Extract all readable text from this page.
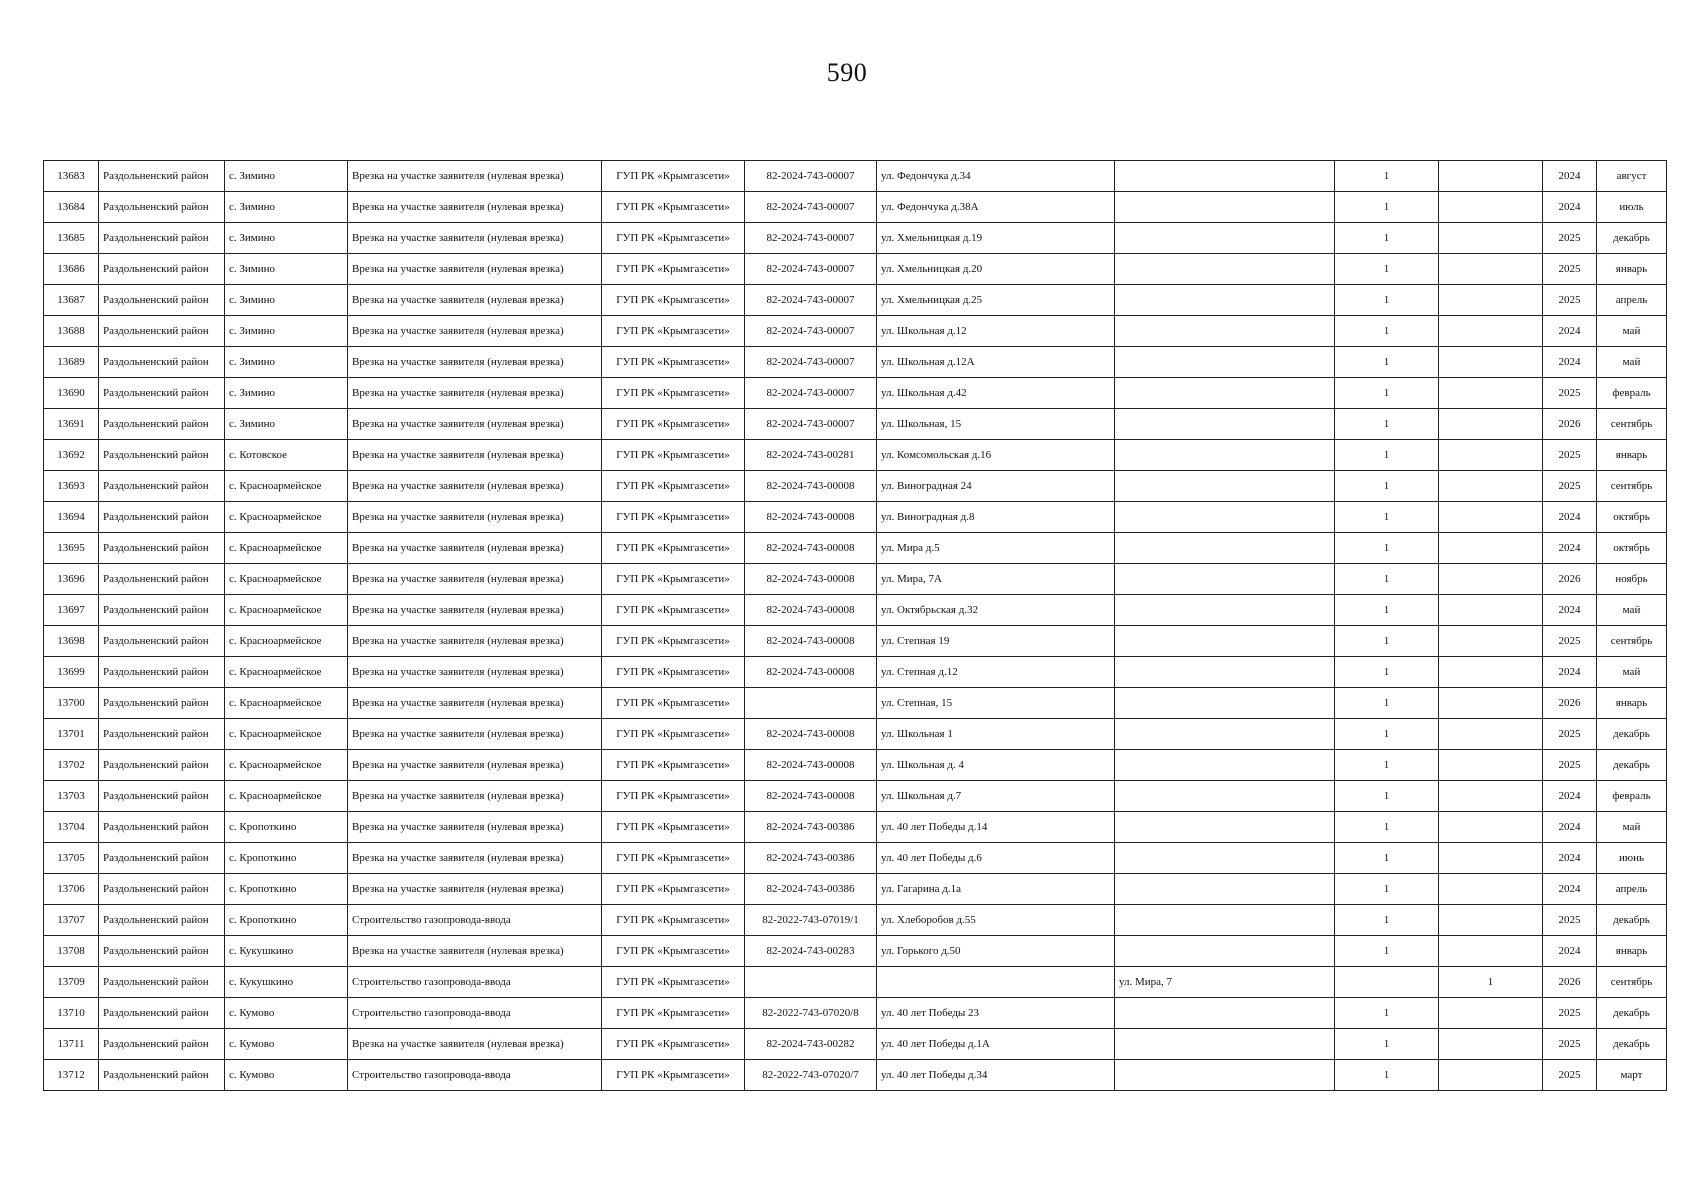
590
13683	Раздольненский район	с. Зимино	Врезка на участке заявителя (нулевая врезка)	ГУП РК «Крымгазсети»	82-2024-743-00007	ул. Федончука д.34		1		2024	август
13684	Раздольненский район	с. Зимино	Врезка на участке заявителя (нулевая врезка)	ГУП РК «Крымгазсети»	82-2024-743-00007	ул. Федончука д.38А		1		2024	июль
13685	Раздольненский район	с. Зимино	Врезка на участке заявителя (нулевая врезка)	ГУП РК «Крымгазсети»	82-2024-743-00007	ул. Хмельницкая д.19		1		2025	декабрь
13686	Раздольненский район	с. Зимино	Врезка на участке заявителя (нулевая врезка)	ГУП РК «Крымгазсети»	82-2024-743-00007	ул. Хмельницкая д.20		1		2025	январь
13687	Раздольненский район	с. Зимино	Врезка на участке заявителя (нулевая врезка)	ГУП РК «Крымгазсети»	82-2024-743-00007	ул. Хмельницкая д.25		1		2025	апрель
13688	Раздольненский район	с. Зимино	Врезка на участке заявителя (нулевая врезка)	ГУП РК «Крымгазсети»	82-2024-743-00007	ул. Школьная д.12		1		2024	май
13689	Раздольненский район	с. Зимино	Врезка на участке заявителя (нулевая врезка)	ГУП РК «Крымгазсети»	82-2024-743-00007	ул. Школьная д.12А		1		2024	май
13690	Раздольненский район	с. Зимино	Врезка на участке заявителя (нулевая врезка)	ГУП РК «Крымгазсети»	82-2024-743-00007	ул. Школьная д.42		1		2025	февраль
13691	Раздольненский район	с. Зимино	Врезка на участке заявителя (нулевая врезка)	ГУП РК «Крымгазсети»	82-2024-743-00007	ул. Школьная, 15		1		2026	сентябрь
13692	Раздольненский район	с. Котовское	Врезка на участке заявителя (нулевая врезка)	ГУП РК «Крымгазсети»	82-2024-743-00281	ул. Комсомольская д.16		1		2025	январь
13693	Раздольненский район	с. Красноармейское	Врезка на участке заявителя (нулевая врезка)	ГУП РК «Крымгазсети»	82-2024-743-00008	ул. Виноградная 24		1		2025	сентябрь
13694	Раздольненский район	с. Красноармейское	Врезка на участке заявителя (нулевая врезка)	ГУП РК «Крымгазсети»	82-2024-743-00008	ул. Виноградная д.8		1		2024	октябрь
13695	Раздольненский район	с. Красноармейское	Врезка на участке заявителя (нулевая врезка)	ГУП РК «Крымгазсети»	82-2024-743-00008	ул. Мира д.5		1		2024	октябрь
13696	Раздольненский район	с. Красноармейское	Врезка на участке заявителя (нулевая врезка)	ГУП РК «Крымгазсети»	82-2024-743-00008	ул. Мира, 7А		1		2026	ноябрь
13697	Раздольненский район	с. Красноармейское	Врезка на участке заявителя (нулевая врезка)	ГУП РК «Крымгазсети»	82-2024-743-00008	ул. Октябрьская д.32		1		2024	май
13698	Раздольненский район	с. Красноармейское	Врезка на участке заявителя (нулевая врезка)	ГУП РК «Крымгазсети»	82-2024-743-00008	ул. Степная 19		1		2025	сентябрь
13699	Раздольненский район	с. Красноармейское	Врезка на участке заявителя (нулевая врезка)	ГУП РК «Крымгазсети»	82-2024-743-00008	ул. Степная д.12		1		2024	май
13700	Раздольненский район	с. Красноармейское	Врезка на участке заявителя (нулевая врезка)	ГУП РК «Крымгазсети»		ул. Степная, 15		1		2026	январь
13701	Раздольненский район	с. Красноармейское	Врезка на участке заявителя (нулевая врезка)	ГУП РК «Крымгазсети»	82-2024-743-00008	ул. Школьная 1		1		2025	декабрь
13702	Раздольненский район	с. Красноармейское	Врезка на участке заявителя (нулевая врезка)	ГУП РК «Крымгазсети»	82-2024-743-00008	ул. Школьная д. 4		1		2025	декабрь
13703	Раздольненский район	с. Красноармейское	Врезка на участке заявителя (нулевая врезка)	ГУП РК «Крымгазсети»	82-2024-743-00008	ул. Школьная д.7		1		2024	февраль
13704	Раздольненский район	с. Кропоткино	Врезка на участке заявителя (нулевая врезка)	ГУП РК «Крымгазсети»	82-2024-743-00386	ул. 40 лет Победы д.14		1		2024	май
13705	Раздольненский район	с. Кропоткино	Врезка на участке заявителя (нулевая врезка)	ГУП РК «Крымгазсети»	82-2024-743-00386	ул. 40 лет Победы д.6		1		2024	июнь
13706	Раздольненский район	с. Кропоткино	Врезка на участке заявителя (нулевая врезка)	ГУП РК «Крымгазсети»	82-2024-743-00386	ул. Гагарина д.1а		1		2024	апрель
13707	Раздольненский район	с. Кропоткино	Строительство газопровода-ввода	ГУП РК «Крымгазсети»	82-2022-743-07019/1	ул. Хлеборобов д.55		1		2025	декабрь
13708	Раздольненский район	с. Кукушкино	Врезка на участке заявителя (нулевая врезка)	ГУП РК «Крымгазсети»	82-2024-743-00283	ул. Горького д.50		1		2024	январь
13709	Раздольненский район	с. Кукушкино	Строительство газопровода-ввода	ГУП РК «Крымгазсети»			ул. Мира, 7		1	2026	сентябрь
13710	Раздольненский район	с. Кумово	Строительство газопровода-ввода	ГУП РК «Крымгазсети»	82-2022-743-07020/8	ул. 40 лет Победы 23		1		2025	декабрь
13711	Раздольненский район	с. Кумово	Врезка на участке заявителя (нулевая врезка)	ГУП РК «Крымгазсети»	82-2024-743-00282	ул. 40 лет Победы д.1А		1		2025	декабрь
13712	Раздольненский район	с. Кумово	Строительство газопровода-ввода	ГУП РК «Крымгазсети»	82-2022-743-07020/7	ул. 40 лет Победы д.34		1		2025	март
